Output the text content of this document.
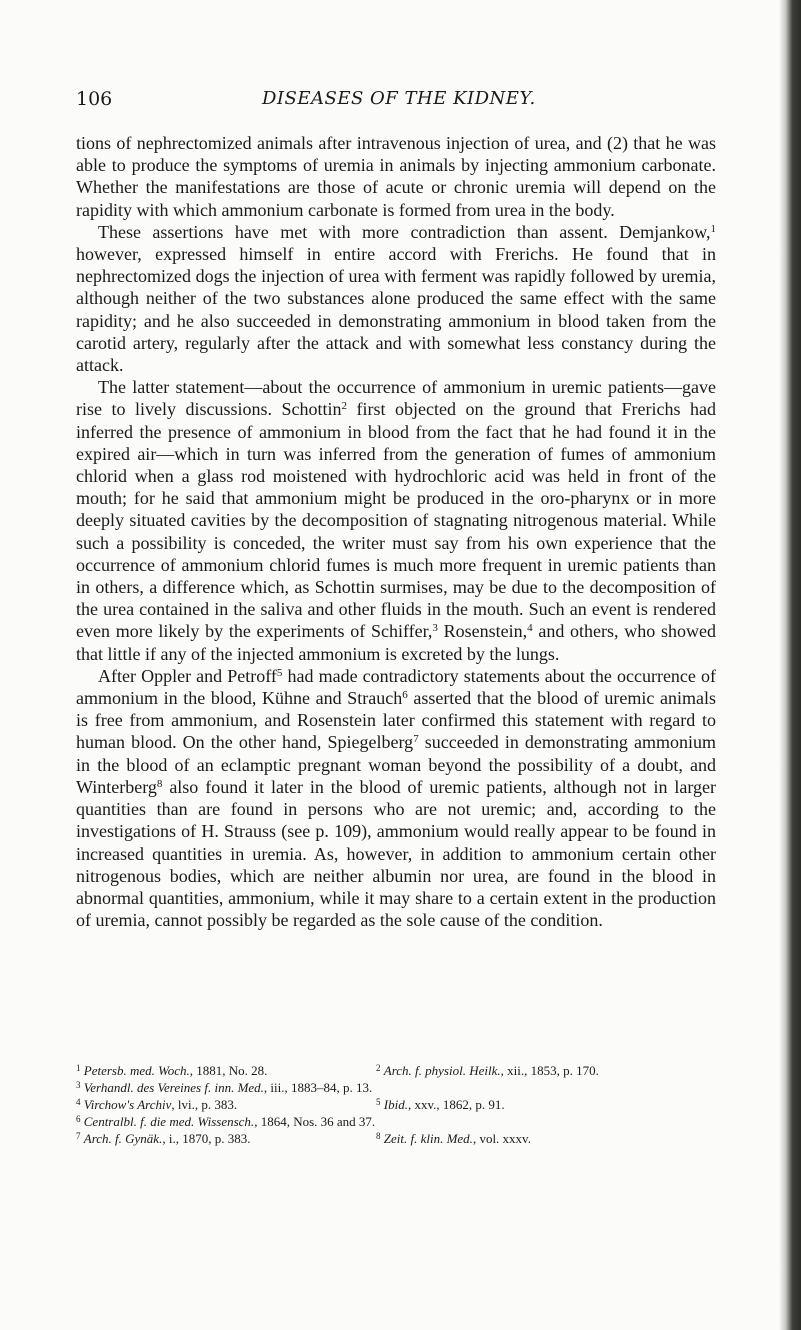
106	DISEASES OF THE KIDNEY.

tions of nephrectomized animals after intravenous injection of urea, and (2) that he was able to produce the symptoms of uremia in animals by injecting ammonium carbonate. Whether the manifestations are those of acute or chronic uremia will depend on the rapidity with which ammonium carbonate is formed from urea in the body.

These assertions have met with more contradiction than assent. Demjankow,$^1$ however, expressed himself in entire accord with Frerichs. He found that in nephrectomized dogs the injection of urea with ferment was rapidly followed by uremia, although neither of the two substances alone produced the same effect with the same rapidity; and he also succeeded in demonstrating ammonium in blood taken from the carotid artery, regularly after the attack and with somewhat less constancy during the attack.

The latter statement—about the occurrence of ammonium in uremic patients—gave rise to lively discussions. Schottin$^2$ first objected on the ground that Frerichs had inferred the presence of ammonium in blood from the fact that he had found it in the expired air—which in turn was inferred from the generation of fumes of ammonium chlorid when a glass rod moistened with hydrochloric acid was held in front of the mouth; for he said that ammonium might be produced in the oro-pharynx or in more deeply situated cavities by the decomposition of stagnating nitrogenous material. While such a possibility is conceded, the writer must say from his own experience that the occurrence of ammonium chlorid fumes is much more frequent in uremic patients than in others, a difference which, as Schottin surmises, may be due to the decomposition of the urea contained in the saliva and other fluids in the mouth. Such an event is rendered even more likely by the experiments of Schiffer,$^3$ Rosenstein,$^4$ and others, who showed that little if any of the injected ammonium is excreted by the lungs.

After Oppler and Petroff$^5$ had made contradictory statements about the occurrence of ammonium in the blood, Kühne and Strauch$^6$ asserted that the blood of uremic animals is free from ammonium, and Rosenstein later confirmed this statement with regard to human blood. On the other hand, Spiegelberg$^7$ succeeded in demonstrating ammonium in the blood of an eclamptic pregnant woman beyond the possibility of a doubt, and Winterberg$^8$ also found it later in the blood of uremic patients, although not in larger quantities than are found in persons who are not uremic; and, according to the investigations of H. Strauss (see p. 109), ammonium would really appear to be found in increased quantities in uremia. As, however, in addition to ammonium certain other nitrogenous bodies, which are neither albumin nor urea, are found in the blood in abnormal quantities, ammonium, while it may share to a certain extent in the production of uremia, cannot possibly be regarded as the sole cause of the condition.

$^1$ Petersb. med. Woch., 1881, No. 28.	$^2$ Arch. f. physiol. Heilk., xii., 1853, p. 170.
$^3$ Verhandl. des Vereines f. inn. Med., iii., 1883–84, p. 13.
$^4$ Virchow's Archiv, lvi., p. 383.	$^5$ Ibid., xxv., 1862, p. 91.
$^6$ Centralbl. f. die med. Wissensch., 1864, Nos. 36 and 37.
$^7$ Arch. f. Gynäk., i., 1870, p. 383.	$^8$ Zeit. f. klin. Med., vol. xxxv.
